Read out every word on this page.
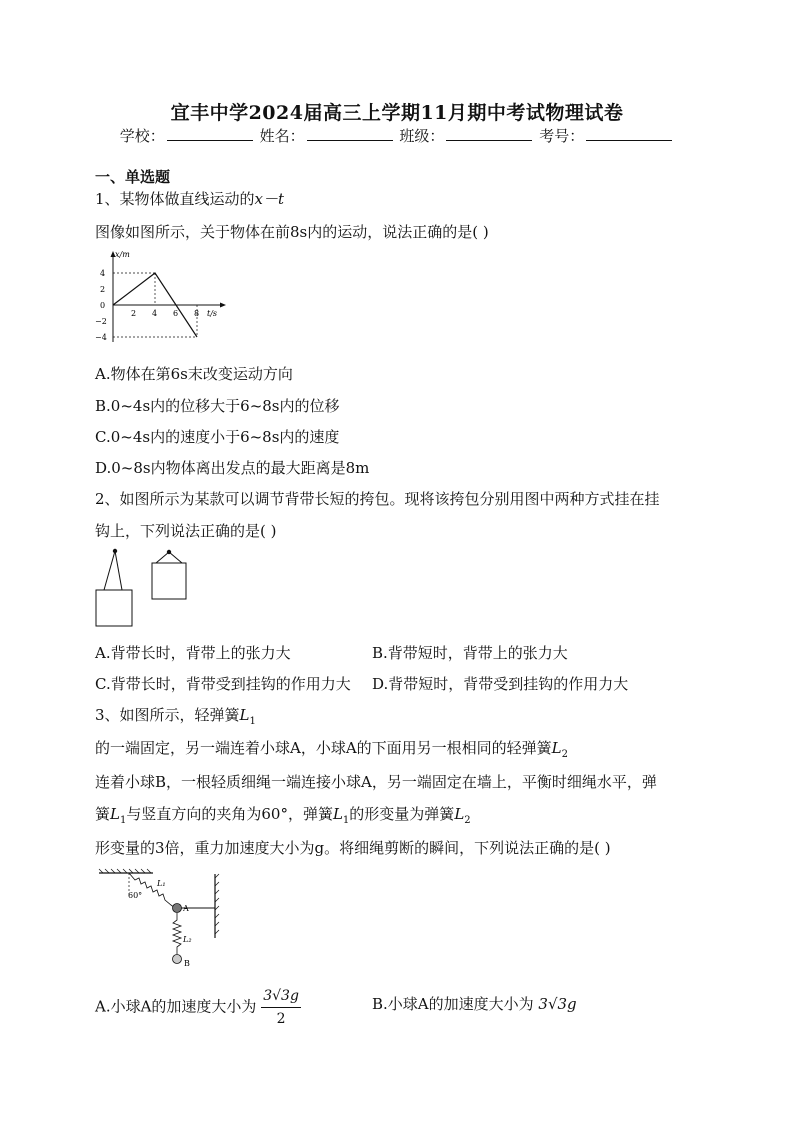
宜丰中学2024届高三上学期11月期中考试物理试卷
学校：	姓名：	班级：	考号：
一、单选题
1、某物体做直线运动的x－t
图像如图所示，关于物体在前8s内的运动，说法正确的是( )
x/m
t/s
4
2
0
−2
−4
2 4 6 8
A.物体在第6s末改变运动方向
B.0~4s内的位移大于6~8s内的位移
C.0~4s内的速度小于6~8s内的速度
D.0~8s内物体离出发点的最大距离是8m
2、如图所示为某款可以调节背带长短的挎包。现将该挎包分别用图中两种方式挂在挂
钩上，下列说法正确的是( )
A.背带长时，背带上的张力大	B.背带短时，背带上的张力大
C.背带长时，背带受到挂钩的作用力大 D.背带短时，背带受到挂钩的作用力大
3、如图所示，轻弹簧$L_1$
的一端固定，另一端连着小球A，小球A的下面用另一根相同的轻弹簧$L_2$
连着小球B，一根轻质细绳一端连接小球A，另一端固定在墙上，平衡时细绳水平，弹
簧$L_1$与竖直方向的夹角为60°，弹簧$L_1$的形变量为弹簧$L_2$
形变量的3倍，重力加速度大小为g。将细绳剪断的瞬间，下列说法正确的是( )
60°
L₁
A
L₂
B
A.小球A的加速度大小为 $\frac{3√3g}{2}$	B.小球A的加速度大小为 3√3g
